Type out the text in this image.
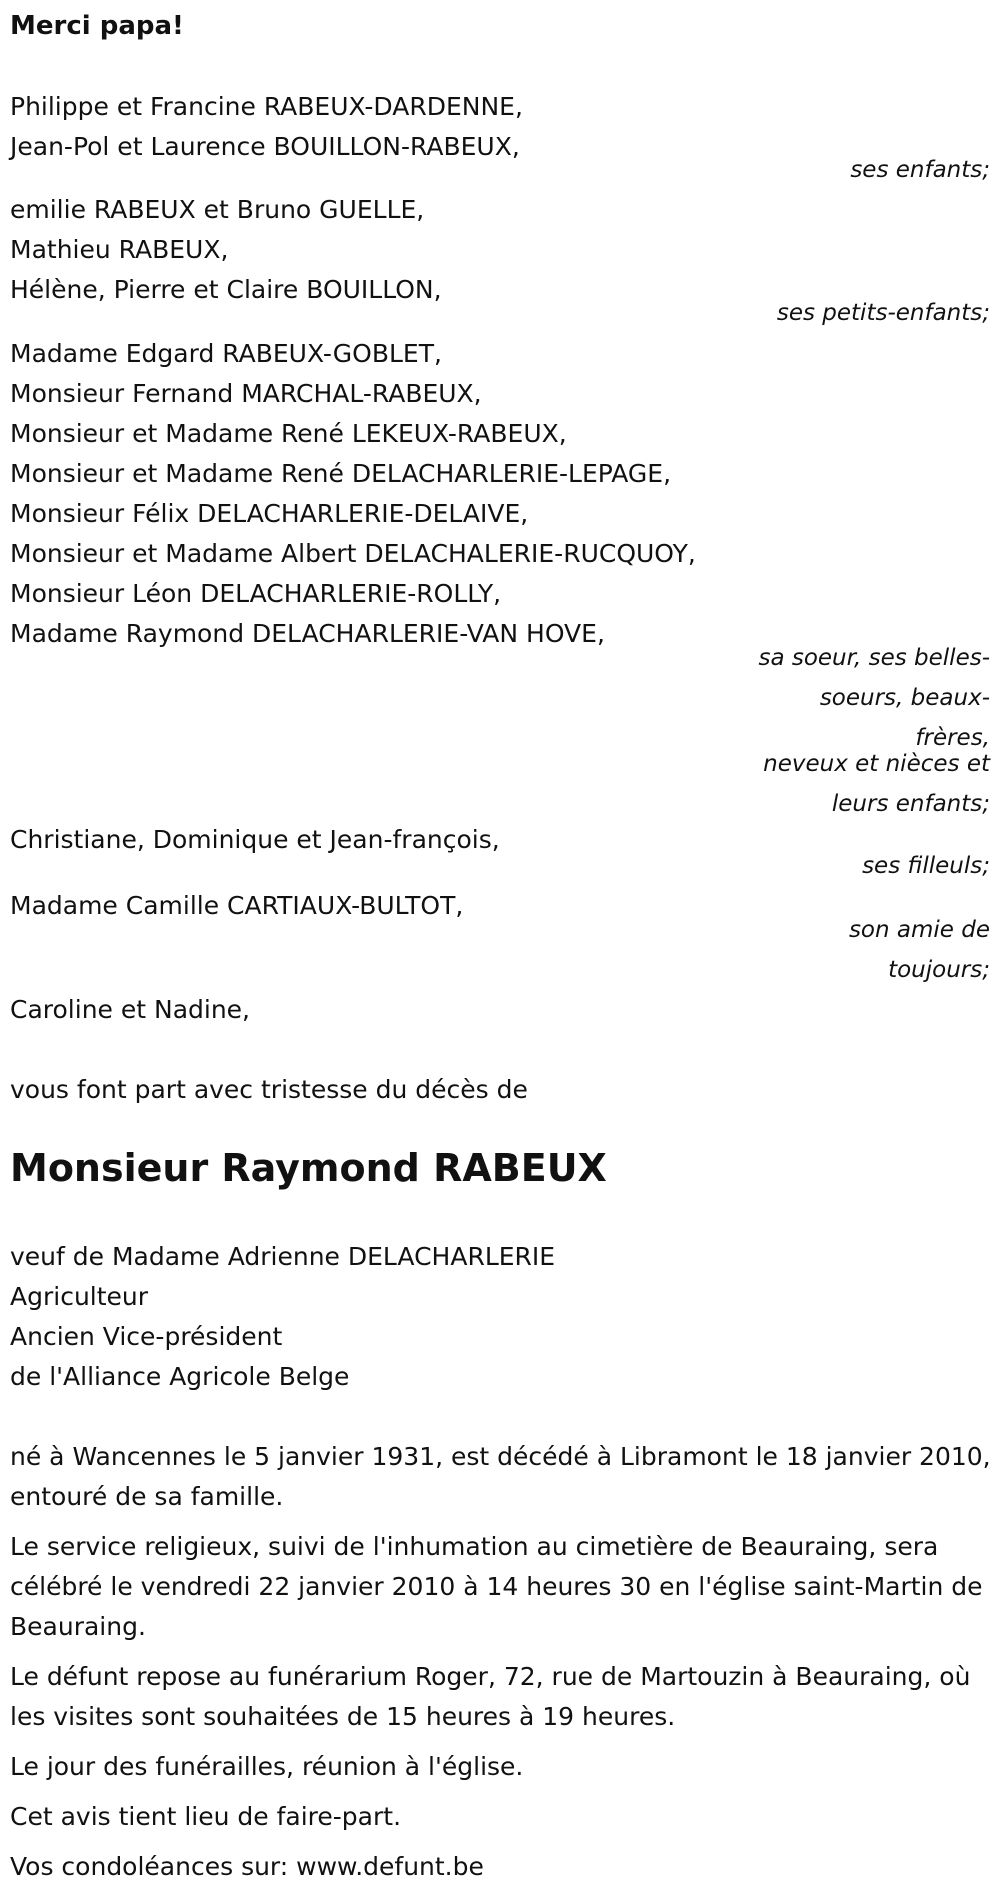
Merci papa!
Philippe et Francine RABEUX-DARDENNE,
Jean-Pol et Laurence BOUILLON-RABEUX,
ses enfants;
emilie RABEUX et Bruno GUELLE,
Mathieu RABEUX,
Hélène, Pierre et Claire BOUILLON,
ses petits-enfants;
Madame Edgard RABEUX-GOBLET,
Monsieur Fernand MARCHAL-RABEUX,
Monsieur et Madame René LEKEUX-RABEUX,
Monsieur et Madame René DELACHARLERIE-LEPAGE,
Monsieur Félix DELACHARLERIE-DELAIVE,
Monsieur et Madame Albert DELACHALERIE-RUCQUOY,
Monsieur Léon DELACHARLERIE-ROLLY,
Madame Raymond DELACHARLERIE-VAN HOVE,
sa soeur, ses belles-
soeurs, beaux-
frères,
neveux et nièces et
leurs enfants;
Christiane, Dominique et Jean-françois,
ses filleuls;
Madame Camille CARTIAUX-BULTOT,
son amie de
toujours;
Caroline et Nadine,
vous font part avec tristesse du décès de
Monsieur Raymond RABEUX
veuf de Madame Adrienne DELACHARLERIE
Agriculteur
Ancien Vice-président
de l'Alliance Agricole Belge

né à Wancennes le 5 janvier 1931, est décédé à Libramont le 18 janvier 2010, entouré de sa famille.

Le service religieux, suivi de l'inhumation au cimetière de Beauraing, sera célébré le vendredi 22 janvier 2010 à 14 heures 30 en l'église saint-Martin de Beauraing.

Le défunt repose au funérarium Roger, 72, rue de Martouzin à Beauraing, où les visites sont souhaitées de 15 heures à 19 heures.

Le jour des funérailles, réunion à l'église.

Cet avis tient lieu de faire-part.

Vos condoléances sur: www.defunt.be
